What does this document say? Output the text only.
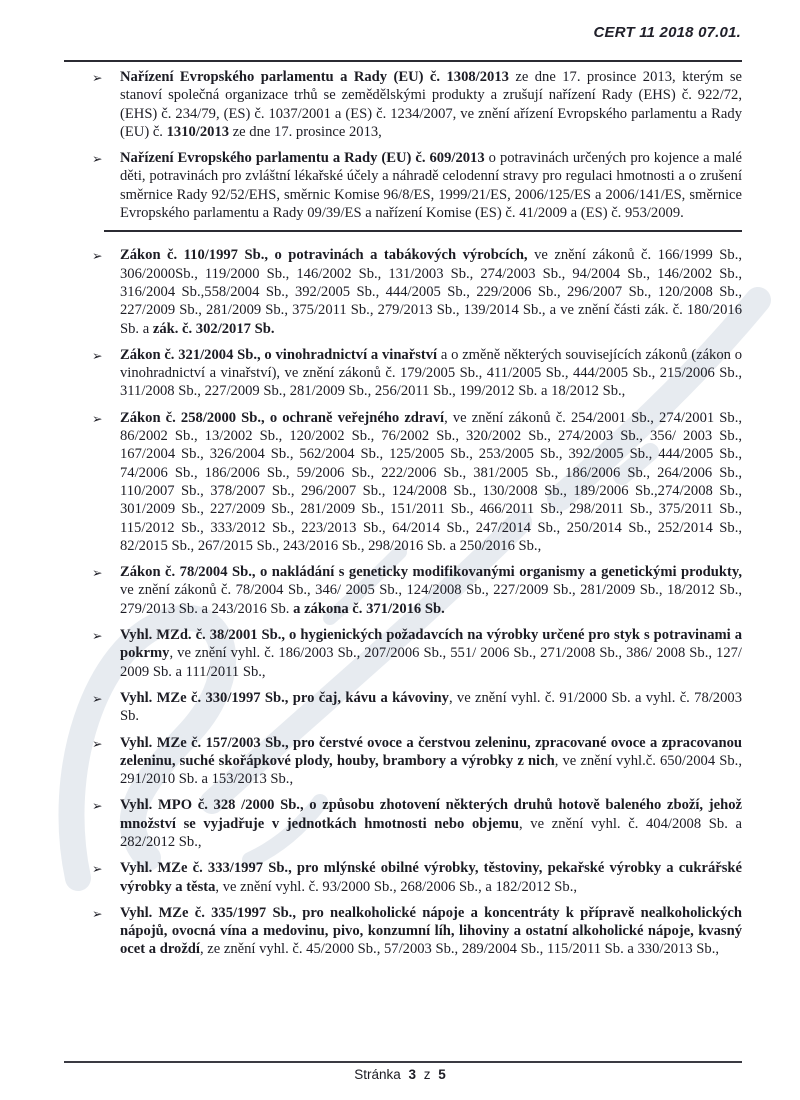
CERT 11 2018 07.01.
➢ Nařízení Evropského parlamentu a Rady (EU) č. 1308/2013 ze dne 17. prosince 2013, kterým se stanoví společná organizace trhů se zemědělskými produkty a zrušují nařízení Rady (EHS) č. 922/72, (EHS) č. 234/79, (ES) č. 1037/2001 a (ES) č. 1234/2007, ve znění ařízení Evropského parlamentu a Rady (EU) č. 1310/2013 ze dne 17. prosince 2013,
➢ Nařízení Evropského parlamentu a Rady (EU) č. 609/2013 o potravinách určených pro kojence a malé děti, potravinách pro zvláštní lékařské účely a náhradě celodenní stravy pro regulaci hmotnosti a o zrušení směrnice Rady 92/52/EHS, směrnic Komise 96/8/ES, 1999/21/ES, 2006/125/ES a 2006/141/ES, směrnice Evropského parlamentu a Rady 09/39/ES a nařízení Komise (ES) č. 41/2009 a (ES) č. 953/2009.
➢ Zákon č. 110/1997 Sb., o potravinách a tabákových výrobcích, ve znění zákonů č. 166/1999 Sb., 306/2000Sb., 119/2000 Sb., 146/2002 Sb., 131/2003 Sb., 274/2003 Sb., 94/2004 Sb., 146/2002 Sb., 316/2004 Sb.,558/2004 Sb., 392/2005 Sb., 444/2005 Sb., 229/2006 Sb., 296/2007 Sb., 120/2008 Sb., 227/2009 Sb., 281/2009 Sb., 375/2011 Sb., 279/2013 Sb., 139/2014 Sb., a ve znění části zák. č. 180/2016 Sb. a zák. č. 302/2017 Sb.
➢ Zákon č. 321/2004 Sb., o vinohradnictví a vinařství a o změně některých souvisejících zákonů (zákon o vinohradnictví a vinařství), ve znění zákonů č. 179/2005 Sb., 411/2005 Sb., 444/2005 Sb., 215/2006 Sb., 311/2008 Sb., 227/2009 Sb., 281/2009 Sb., 256/2011 Sb., 199/2012 Sb. a 18/2012 Sb.,
➢ Zákon č. 258/2000 Sb., o ochraně veřejného zdraví, ve znění zákonů č. 254/2001 Sb., 274/2001 Sb., 86/2002 Sb., 13/2002 Sb., 120/2002 Sb., 76/2002 Sb., 320/2002 Sb., 274/2003 Sb., 356/ 2003 Sb., 167/2004 Sb., 326/2004 Sb., 562/2004 Sb., 125/2005 Sb., 253/2005 Sb., 392/2005 Sb., 444/2005 Sb., 74/2006 Sb., 186/2006 Sb., 59/2006 Sb., 222/2006 Sb., 381/2005 Sb., 186/2006 Sb., 264/2006 Sb., 110/2007 Sb., 378/2007 Sb., 296/2007 Sb., 124/2008 Sb., 130/2008 Sb., 189/2006 Sb.,274/2008 Sb., 301/2009 Sb., 227/2009 Sb., 281/2009 Sb., 151/2011 Sb., 466/2011 Sb., 298/2011 Sb., 375/2011 Sb., 115/2012 Sb., 333/2012 Sb., 223/2013 Sb., 64/2014 Sb., 247/2014 Sb., 250/2014 Sb., 252/2014 Sb., 82/2015 Sb., 267/2015 Sb., 243/2016 Sb., 298/2016 Sb. a 250/2016 Sb.,
➢ Zákon č. 78/2004 Sb., o nakládání s geneticky modifikovanými organismy a genetickými produkty, ve znění zákonů č. 78/2004 Sb., 346/ 2005 Sb., 124/2008 Sb., 227/2009 Sb., 281/2009 Sb., 18/2012 Sb., 279/2013 Sb. a 243/2016 Sb. a zákona č. 371/2016 Sb.
➢ Vyhl. MZd. č. 38/2001 Sb., o hygienických požadavcích na výrobky určené pro styk s potravinami a pokrmy, ve znění vyhl. č. 186/2003 Sb., 207/2006 Sb., 551/ 2006 Sb., 271/2008 Sb., 386/ 2008 Sb., 127/ 2009 Sb. a 111/2011 Sb.,
➢ Vyhl. MZe č. 330/1997 Sb., pro čaj, kávu a kávoviny, ve znění vyhl. č. 91/2000 Sb. a vyhl. č. 78/2003 Sb.
➢ Vyhl. MZe č. 157/2003 Sb., pro čerstvé ovoce a čerstvou zeleninu, zpracované ovoce a zpracovanou zeleninu, suché skořápkové plody, houby, brambory a výrobky z nich, ve znění vyhl.č. 650/2004 Sb., 291/2010 Sb. a 153/2013 Sb.,
➢ Vyhl. MPO č. 328 /2000 Sb., o způsobu zhotovení některých druhů hotově baleného zboží, jehož množství se vyjadřuje v jednotkách hmotnosti nebo objemu, ve znění vyhl. č. 404/2008 Sb. a 282/2012 Sb.,
➢ Vyhl. MZe č. 333/1997 Sb., pro mlýnské obilné výrobky, těstoviny, pekařské výrobky a cukrářské výrobky a těsta, ve znění vyhl. č. 93/2000 Sb., 268/2006 Sb., a 182/2012 Sb.,
➢ Vyhl. MZe č. 335/1997 Sb., pro nealkoholické nápoje a koncentráty k přípravě nealkoholických nápojů, ovocná vína a medovinu, pivo, konzumní líh, lihoviny a ostatní alkoholické nápoje, kvasný ocet a droždí, ze znění vyhl. č. 45/2000 Sb., 57/2003 Sb., 289/2004 Sb., 115/2011 Sb. a 330/2013 Sb.,
Stránka 3 z 5
